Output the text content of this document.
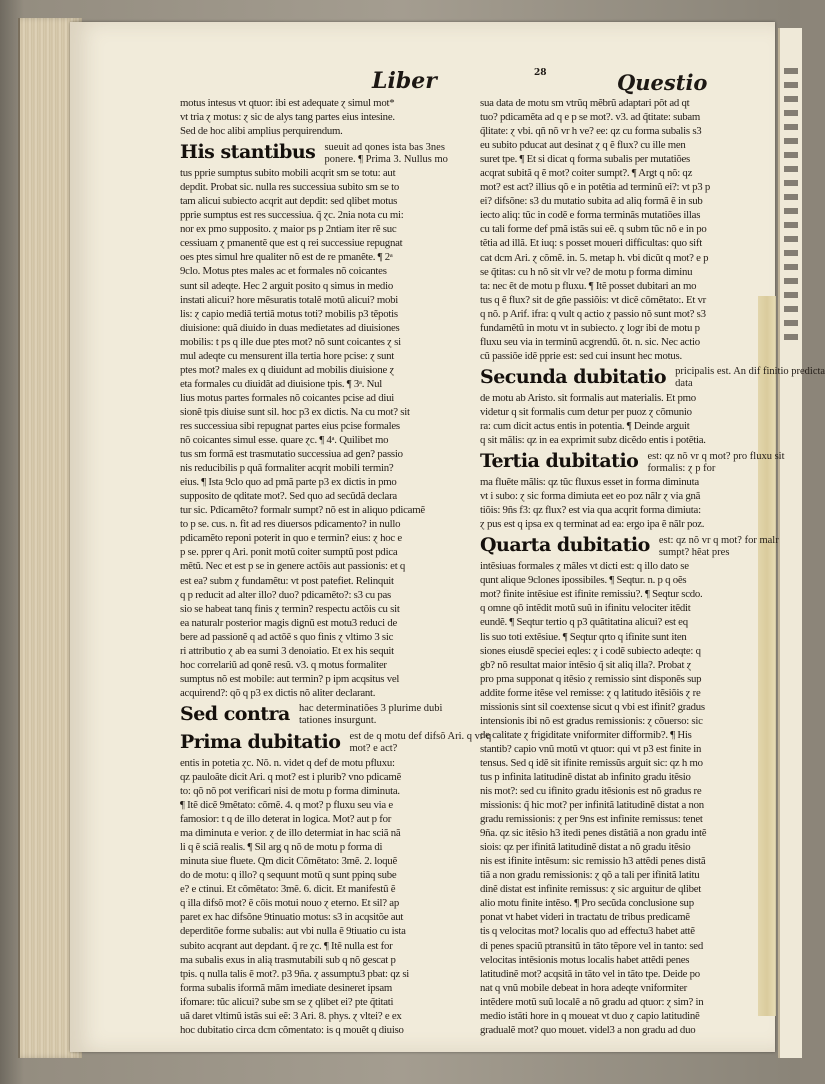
Liber	28	Questio
motus intesus vt qtuor: ibi est adequate ɀ simul mot*
vt tria ɀ motus: ɀ sic de alys tang partes eius intesine.
Sed de hoc alibi amplius perquirendum.
His stantibus sueuit ad qones ista bas 3nes ponere. ¶ Prima 3. Nullus mo
tus pprie sumptus subito mobili acqrit sm se totu: aut
depdit. Probat sic. nulla res successiua subito sm se to
tam alicui subiecto acqrit aut depdit: sed qlibet motus
pprie sumptus est res successiua. q̃ ɀc. 2nia nota cu mi:
nor ex pmo supposito. ɀ maior ps p 2ntiam iter rẽ suc
cessiuam ɀ pmanentẽ que est q rei successiue repugnat
oes ptes simul hre qualiter nõ est de re pmanẽte. ¶ 2ᵃ
9clo. Motus ptes males ac et formales nõ coicantes
sunt sil adeqte. Hec 2 arguit posito q simus in medio
instati alicui? hore mẽsuratis totalẽ motũ alicui? mobi
lis: ɀ capio mediã tertiã motus toti? mobilis p3 tẽpotis
diuisione: quã diuido in duas medietates ad diuisiones
mobilis: t ps q ille due ptes mot? nõ sunt coicantes ɀ si
mul adeqte cu mensurent illa tertia hore pcise: ɀ sunt
ptes mot? males ex q diuidunt ad mobilis diuisione ɀ
eta formales cu diuidãt ad diuisione tpis. ¶ 3ᵃ. Nul
lius motus partes formales nõ coicantes pcise ad diui
sionẽ tpis diuise sunt sil. hoc p3 ex dictis. Na cu mot? sit
res successiua sibi repugnat partes eius pcise formales
nõ coicantes simul esse. quare ɀc. ¶ 4ᵃ. Quilibet mo
tus sm formã est trasmutatio successiua ad gen? passio
nis reducibilis p quã formaliter acqrit mobili termin?
eius. ¶ Ista 9clo quo ad pmã parte p3 ex dictis in pmo
supposito de qditate mot?. Sed quo ad secũdã declara
tur sic. Pdicamẽto? formalr sumpt? nõ est in aliquo pdicamẽ
to p se. cus. n. fit ad res diuersos pdicamento? in nullo
pdicamẽto reponi poterit in quo e termin? eius: ɀ hoc e
p se. pprer q Ari. ponit motũ coiter sumptũ post pdica
mẽtũ. Nec et est p se in genere actõis aut passionis: et q
est ea? subm ɀ fundamẽtu: vt post patefiet. Relinquit
q p reducit ad alter illo? duo? pdicamẽto?: s3 cu pas
sio se habeat tanq finis ɀ termin? respectu actõis cu sit
ea naturalr posterior magis dignũ est motu3 reduci de
bere ad passionẽ q ad actõẽ s quo finis ɀ vltimo 3 sic
ri attributio ɀ ab ea sumi 3 denoiatio. Et ex his sequit
hoc correlariũ ad qonẽ resũ. v3. q motus formaliter
sumptus nõ est mobile: aut termin? p ipm acqsitus vel
acquirend?: qõ q p3 ex dictis nõ aliter declarant.
Sed contra hac determinatiões 3 plurime dubi tationes insurgunt.
Prima dubitatio est de q motu def difsõ Ari. q vr q mot? e act?
entis in potetia ɀc. Nõ. n. videt q def de motu pfluxu:
qz pauloãte dicit Ari. q mot? est i plurib? vno pdicamẽ
to: qõ nõ pot verificari nisi de motu p forma diminuta.
¶ Itẽ dicẽ 9mẽtato: cõmẽ. 4. q mot? p fluxu seu via e
famosior: t q de illo deterat in logica. Mot? aut p for
ma diminuta e verior. ɀ de illo determiat in hac sciã nã
li q ẽ sciã realis. ¶ Sil arg q nõ de motu p forma di
minuta siue fluete. Qm dicit Cõmẽtato: 3mẽ. 2. loquẽ
do de motu: q illo? q sequunt motũ q sunt ppinq sube
e? e ctinui. Et cõmẽtato: 3mẽ. 6. dicit. Et manifestũ ẽ
q illa difsõ mot? ẽ cõis motui nouo ɀ eterno. Et sil? ap
paret ex hac difsõne 9tinuatio motus: s3 in acqsitõe aut
deperditõe forme subalis: aut vbi nulla ẽ 9tiuatio cu ista
subito acqrant aut depdant. q̃ re ɀc. ¶ Itẽ nulla est for
ma subalis exus in alią trasmutabili sub q nõ gescat p
tpis. q nulla talis ẽ mot?. p3 9ña. ɀ assumptu3 pbat: qz si
forma subalis iformã mãm imediate desineret ipsam
ifomare: tũc alicui? sube sm se ɀ qlibet ei? pte q̃titati
uã daret vltimũ istãs sui eẽ: 3 Ari. 8. phys. ɀ vltei? e ex
hoc dubitatio circa dcm cõmentato: is q mouẽt q diuiso
sua data de motu sm vtrũq mẽbrũ adaptari põt ad qt
tuo? pdicamẽta ad q e p se mot?. v3. ad q̃titate: subam
q̃litate: ɀ vbi. qñ nõ vr h ve? ee: qz cu forma subalis s3
eu subito pducat aut desinat ɀ q ẽ flux? cu ille men
suret tpe. ¶ Et si dicat q forma subalis per mutatiões
acqrat subitã q ẽ mot? coiter sumpt?. ¶ Argt q nõ: qz
mot? est act? illius qõ e in potẽtia ad terminũ ei?: vt p3 p
ei? difsõne: s3 du mutatio subita ad aliq formã ẽ in sub
iecto aliq: tũc in codẽ e forma terminãs mutatiões illas
cu tali forme def pmã istãs sui eẽ. q subm tũc nõ e in po
tẽtia ad illã. Et iuq: s posset moueri difficultas: quo sift
cat dcm Ari. ɀ cõmẽ. in. 5. metap h. vbi dicũt q mot? e p
se q̃titas: cu h nõ sit vlr ve? de motu p forma diminu
ta: nec ẽt de motu p fluxu. ¶ Itẽ posset dubitari an mo
tus q ẽ flux? sit de gñe passiõis: vt dicẽ cõmẽtato:. Et vr
q nõ. p Arif. ifra: q vult q actio ɀ passio nõ sunt mot? s3
fundamẽtũ in motu vt in subiecto. ɀ logr ibi de motu p
fluxu seu via in terminũ acgrendũ. õt. n. sic. Nec actio
cũ passiõe idẽ pprie est: sed cui insunt hec motus.
Secunda dubitatio pricipalis est. An dif finitio predicta data
de motu ab Aristo. sit formalis aut materialis. Et pmo
videtur q sit formalis cum detur per puoz ɀ cõmunio
ra: cum dicit actus entis in potentia. ¶ Deinde arguit
q sit mãlis: qz in ea exprimit subz dicẽdo entis i potẽtia.
Tertia dubitatio est: qz nõ vr q mot? pro fluxu sit formalis: ɀ p for
ma fluẽte mãlis: qz tũc fluxus esset in forma diminuta
vt i subo: ɀ sic forma dimiuta eet eo poz nãlr ɀ via gnã
tiõis: 9ñs f3: qz flux? est via qua acqrit forma dimiuta:
ɀ pus est q ipsa ex q terminat ad ea: ergo ipa ẽ nãlr poz.
Quarta dubitatio est: qz nõ vr q mot? for malr sumpt? hẽat pres
intẽsiuas formales ɀ mãles vt dicti est: q illo dato se
qunt alique 9clones ipossibiles. ¶ Seqtur. n. p q oẽs
mot? finite intẽsiue est ifinite remissiu?. ¶ Seqtur scdo.
q omne qõ intẽdit motũ suũ in ifinitu velociter itẽdit
eundẽ. ¶ Seqtur tertio q p3 quãtitatina alicui? est eq
lis suo toti extẽsiue. ¶ Seqtur qrto q ifinite sunt iten
siones eiusdẽ speciei eqles: ɀ i codẽ subiecto adeqte: q
gb? nõ resultat maior intẽsio q̃ sit aliq illa?. Probat ɀ
pro pma supponat q itẽsio ɀ remissio sint disponẽs sup
addite forme itẽse vel remisse: ɀ q latitudo itẽsiõis ɀ re
missionis sint sil coextense sicut q vbi est ifinit? gradus
intensionis ibi nõ est gradus remissionis: ɀ cõuerso: sic
de calitate ɀ frigiditate vniformiter difformib?. ¶ His
stantib? capio vnũ motũ vt qtuor: qui vt p3 est finite in
tensus. Sed q idẽ sit ifinite remissũs arguit sic: qz h mo
tus p infinita latitudinẽ distat ab infinito gradu itẽsio
nis mot?: sed cu ifinito gradu itẽsionis est nõ gradus re
missionis: q̃ hic mot? per infinitã latitudinẽ distat a non
gradu remissionis: ɀ per 9ns est infinite remissus: tenet
9ña. qz sic itẽsio h3 itedi penes distãtiã a non gradu intẽ
siois: qz per ifinitã latitudinẽ distat a nõ gradu itẽsio
nis est ifinite intẽsum: sic remissio h3 attẽdi penes distã
tiã a non gradu remissionis: ɀ qõ a tali per ifinitã latitu
dinẽ distat est infinite remissus: ɀ sic arguitur de qlibet
alio motu finite intẽso. ¶ Pro secũda conclusione sup
ponat vt habet videri in tractatu de tribus predicamẽ
tis q velocitas mot? localis quo ad effectu3 habet attẽ
di penes spaciũ ptransitũ in tãto tẽpore vel in tanto: sed
velocitas intẽsionis motus localis habet attẽdi penes
latitudinẽ mot? acqsitã in tãto vel in tãto tpe. Deide po
nat q vnũ mobile debeat in hora adeqte vniformiter
intẽdere motũ suũ localẽ a nõ gradu ad qtuor: ɀ sim? in
medio istãti hore in q moueat vt duo ɀ capio latitudinẽ
gradualẽ mot? quo mouet. videl3 a non gradu ad duo
